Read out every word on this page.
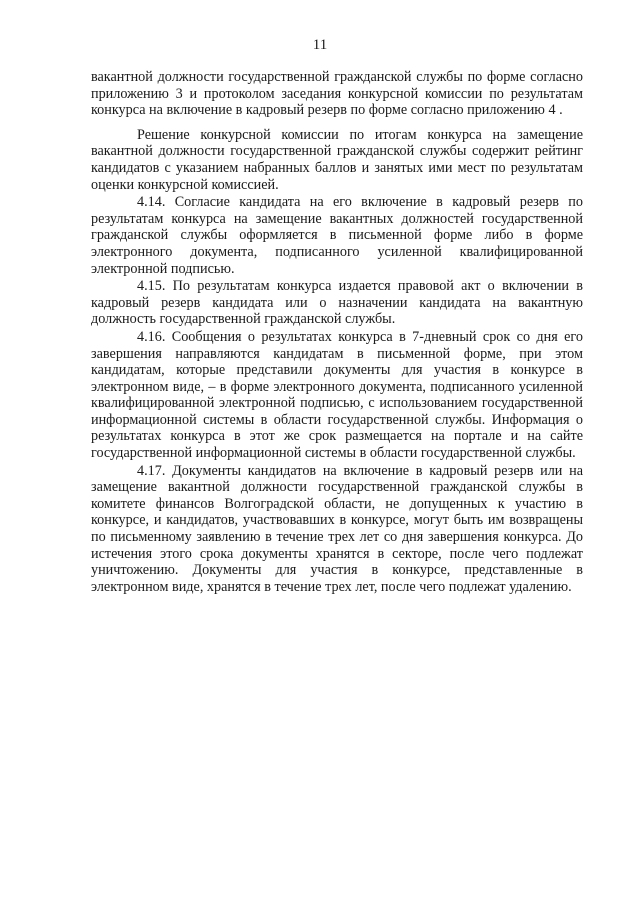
11

вакантной должности государственной гражданской службы по форме согласно приложению 3 и протоколом заседания конкурсной комиссии по результатам конкурса на включение в кадровый резерв по форме согласно приложению 4 .

Решение конкурсной комиссии по итогам конкурса на замещение вакантной должности государственной гражданской службы содержит рейтинг кандидатов с указанием набранных баллов и занятых ими мест по результатам оценки конкурсной комиссией.

4.14. Согласие кандидата на его включение в кадровый резерв по результатам конкурса на замещение вакантных должностей государственной гражданской службы оформляется в письменной форме либо в форме электронного документа, подписанного усиленной квалифицированной электронной подписью.

4.15. По результатам конкурса издается правовой акт о включении в кадровый резерв кандидата или о назначении кандидата на вакантную должность государственной гражданской службы.

4.16. Сообщения о результатах конкурса в 7-дневный срок со дня его завершения направляются кандидатам в письменной форме, при этом кандидатам, которые представили документы для участия в конкурсе в электронном виде, – в форме электронного документа, подписанного усиленной квалифицированной электронной подписью, с использованием государственной информационной системы в области государственной службы. Информация о результатах конкурса в этот же срок размещается на портале и на сайте государственной информационной системы в области государственной службы.

4.17. Документы кандидатов на включение в кадровый резерв или на замещение вакантной должности государственной гражданской службы в комитете финансов Волгоградской области, не допущенных к участию в конкурсе, и кандидатов, участвовавших в конкурсе, могут быть им возвращены по письменному заявлению в течение трех лет со дня завершения конкурса. До истечения этого срока документы хранятся в секторе, после чего подлежат уничтожению. Документы для участия в конкурсе, представленные в электронном виде, хранятся в течение трех лет, после чего подлежат удалению.
